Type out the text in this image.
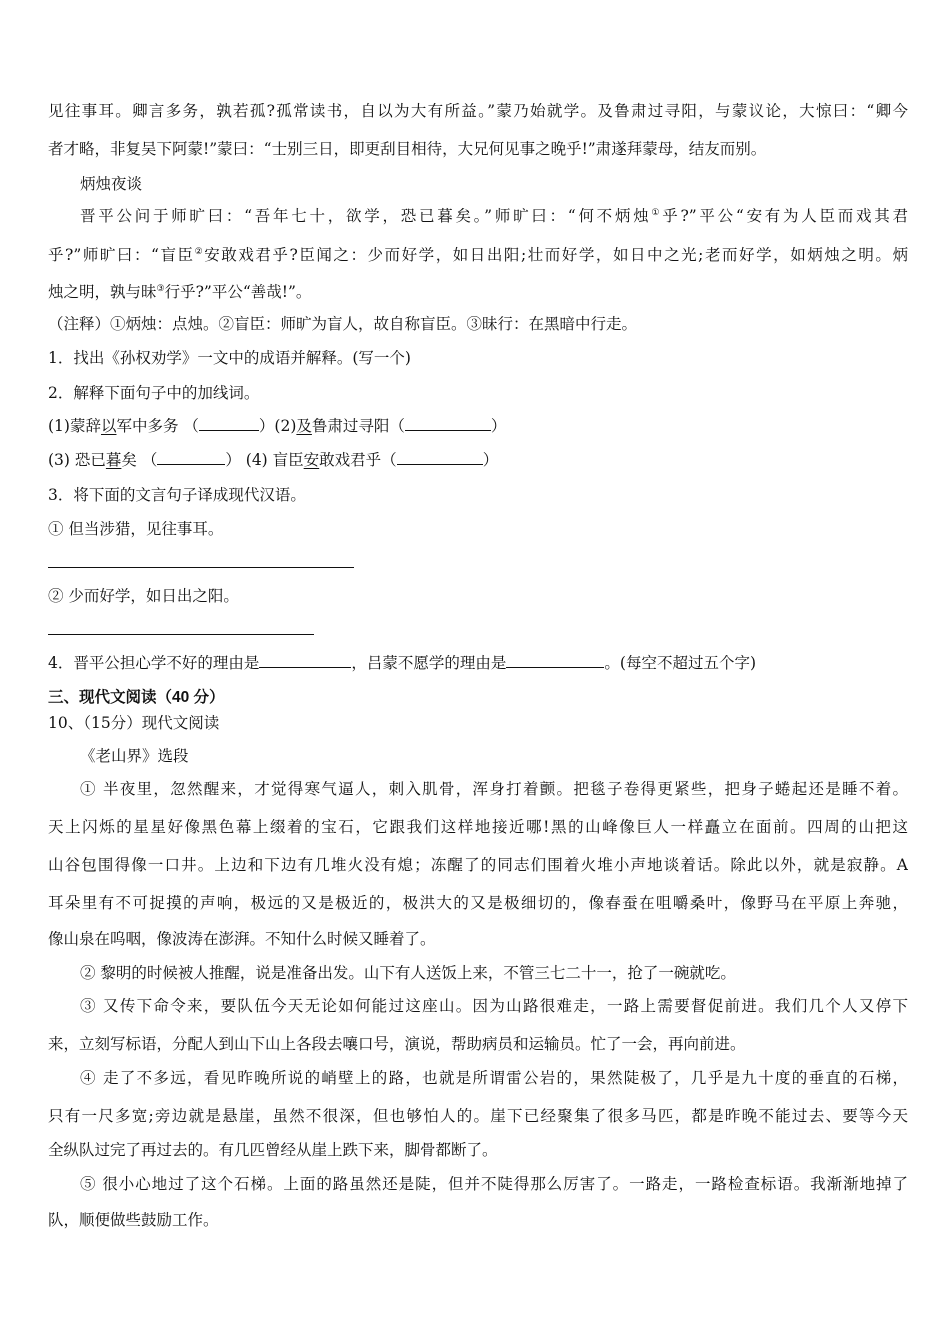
见往事耳。卿言多务，孰若孤?孤常读书，自以为大有所益。”蒙乃始就学。及鲁肃过寻阳，与蒙议论，大惊曰：“卿今
者才略，非复吴下阿蒙!”蒙曰：“士别三日，即更刮目相待，大兄何见事之晚乎!”肃遂拜蒙母，结友而别。
炳烛夜谈
晋平公问于师旷曰：“吾年七十，欲学，恐已暮矣。”师旷曰：“何不炳烛①乎?”平公“安有为人臣而戏其君
乎?”师旷曰：“盲臣②安敢戏君乎?臣闻之：少而好学，如日出阳;壮而好学，如日中之光;老而好学，如炳烛之明。炳
烛之明，孰与昧③行乎?”平公“善哉!”。
（注释）①炳烛：点烛。②盲臣：师旷为盲人，故自称盲臣。③昧行：在黑暗中行走。
1．找出《孙权劝学》一文中的成语并解释。(写一个)
2．解释下面句子中的加线词。
(1)蒙辞以军中多务 （	）(2)及鲁肃过寻阳（	）
(3) 恐已暮矣 （	） (4) 盲臣安敢戏君乎（	）
3．将下面的文言句子译成现代汉语。
① 但当涉猎，见往事耳。
② 少而好学，如日出之阳。
4．晋平公担心学不好的理由是	，吕蒙不愿学的理由是	。(每空不超过五个字)
三、现代文阅读（40 分）
10、（15分）现代文阅读
《老山界》选段
① 半夜里，忽然醒来，才觉得寒气逼人，刺入肌骨，浑身打着颤。把毯子卷得更紧些，把身子蜷起还是睡不着。
天上闪烁的星星好像黑色幕上缀着的宝石，它跟我们这样地接近哪!黑的山峰像巨人一样矗立在面前。四周的山把这
山谷包围得像一口井。上边和下边有几堆火没有熄；冻醒了的同志们围着火堆小声地谈着话。除此以外，就是寂静。A
耳朵里有不可捉摸的声响，极远的又是极近的，极洪大的又是极细切的，像春蚕在咀嚼桑叶，像野马在平原上奔驰，
像山泉在呜咽，像波涛在澎湃。不知什么时候又睡着了。
② 黎明的时候被人推醒，说是准备出发。山下有人送饭上来，不管三七二十一，抢了一碗就吃。
③ 又传下命令来，要队伍今天无论如何能过这座山。因为山路很难走，一路上需要督促前进。我们几个人又停下
来，立刻写标语，分配人到山下山上各段去嚷口号，演说，帮助病员和运输员。忙了一会，再向前进。
④ 走了不多远，看见昨晚所说的峭壁上的路，也就是所谓雷公岩的，果然陡极了，几乎是九十度的垂直的石梯，
只有一尺多宽;旁边就是悬崖，虽然不很深，但也够怕人的。崖下已经聚集了很多马匹，都是昨晚不能过去、要等今天
全纵队过完了再过去的。有几匹曾经从崖上跌下来，脚骨都断了。
⑤ 很小心地过了这个石梯。上面的路虽然还是陡，但并不陡得那么厉害了。一路走，一路检查标语。我渐渐地掉了
队，顺便做些鼓励工作。
